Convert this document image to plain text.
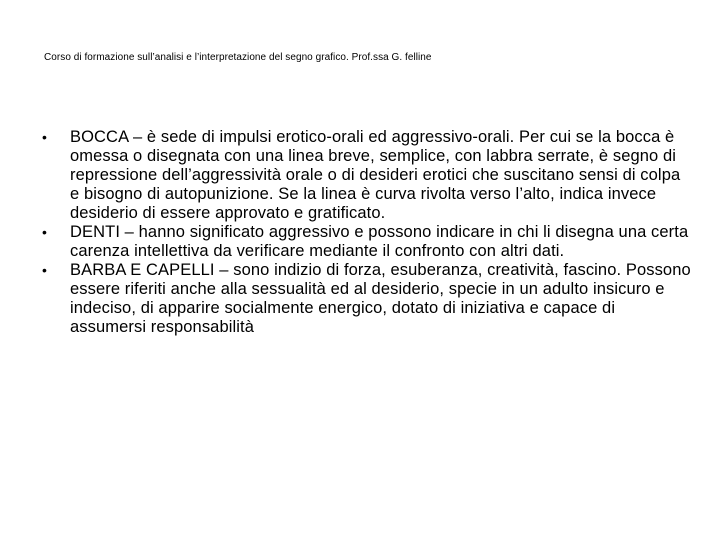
Corso di formazione sull’analisi e l’interpretazione del segno grafico. Prof.ssa G. felline
•	BOCCA – è sede di impulsi erotico-orali ed aggressivo-orali. Per cui se la bocca è omessa o disegnata con una linea breve, semplice, con labbra serrate, è segno di repressione dell’aggressività orale o di desideri erotici che suscitano sensi di colpa e bisogno di autopunizione. Se la linea è curva rivolta verso l’alto, indica invece desiderio di essere approvato e gratificato.
•	DENTI – hanno significato aggressivo e possono indicare in chi li disegna una certa carenza intellettiva da verificare mediante il confronto con altri dati.
•	BARBA E CAPELLI – sono indizio di forza, esuberanza, creatività, fascino. Possono essere riferiti anche alla sessualità ed al desiderio, specie in un adulto insicuro e indeciso, di apparire socialmente energico, dotato di iniziativa e capace di assumersi responsabilità
